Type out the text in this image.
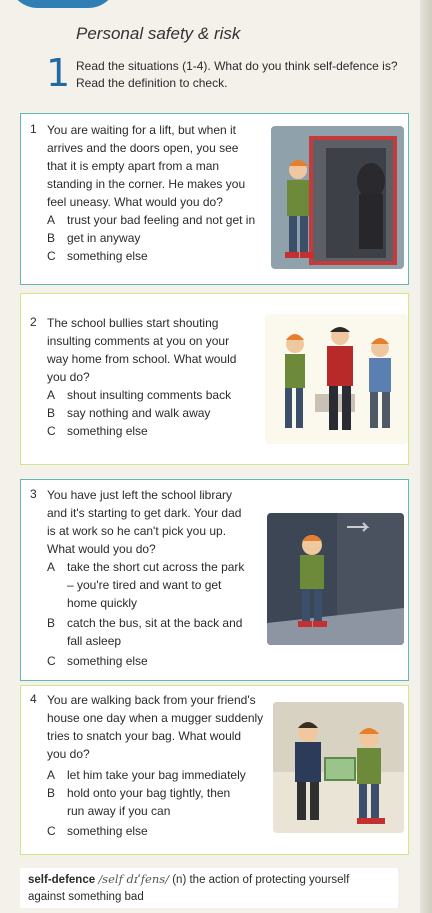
Personal safety & risk
1 Read the situations (1-4). What do you think self-defence is?
Read the definition to check.
1 You are waiting for a lift, but when it
arrives and the doors open, you see
that it is empty apart from a man
standing in the corner. He makes you
feel uneasy. What would you do?
A trust your bad feeling and not get in
B get in anyway
C something else
2 The school bullies start shouting
insulting comments at you on your
way home from school. What would
you do?
A shout insulting comments back
B say nothing and walk away
C something else
3 You have just left the school library
and it's starting to get dark. Your dad
is at work so he can't pick you up.
What would you do?
A take the short cut across the park
– you're tired and want to get
home quickly
B catch the bus, sit at the back and
fall asleep
C something else
4 You are walking back from your friend's
house one day when a mugger suddenly
tries to snatch your bag. What would
you do?
A let him take your bag immediately
B hold onto your bag tightly, then
run away if you can
C something else
self-defence /self dɪˈfens/ (n) the action of protecting yourself
against something bad
